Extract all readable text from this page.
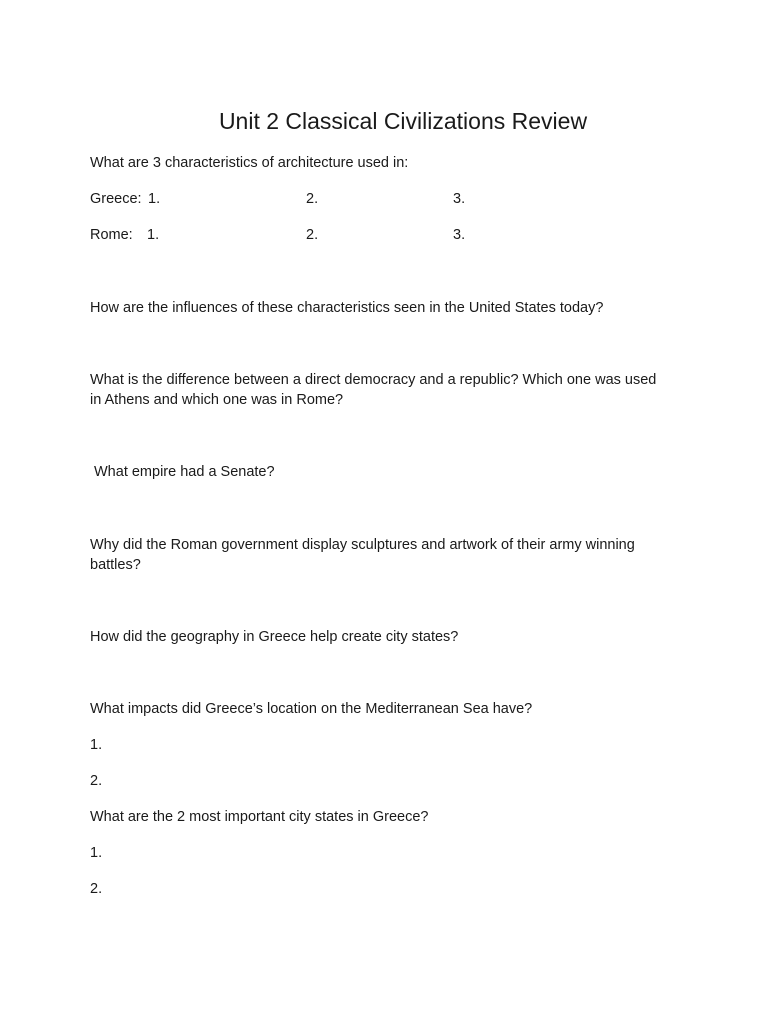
Unit 2 Classical Civilizations Review

What are 3 characteristics of architecture used in:

Greece: 1.	2.	3.
Rome: 1.	2.	3.

How are the influences of these characteristics seen in the United States today?

What is the difference between a direct democracy and a republic? Which one was used in Athens and which one was in Rome?

What empire had a Senate?

Why did the Roman government display sculptures and artwork of their army winning battles?

How did the geography in Greece help create city states?

What impacts did Greece’s location on the Mediterranean Sea have?

1.

2.

What are the 2 most important city states in Greece?

1.

2.
